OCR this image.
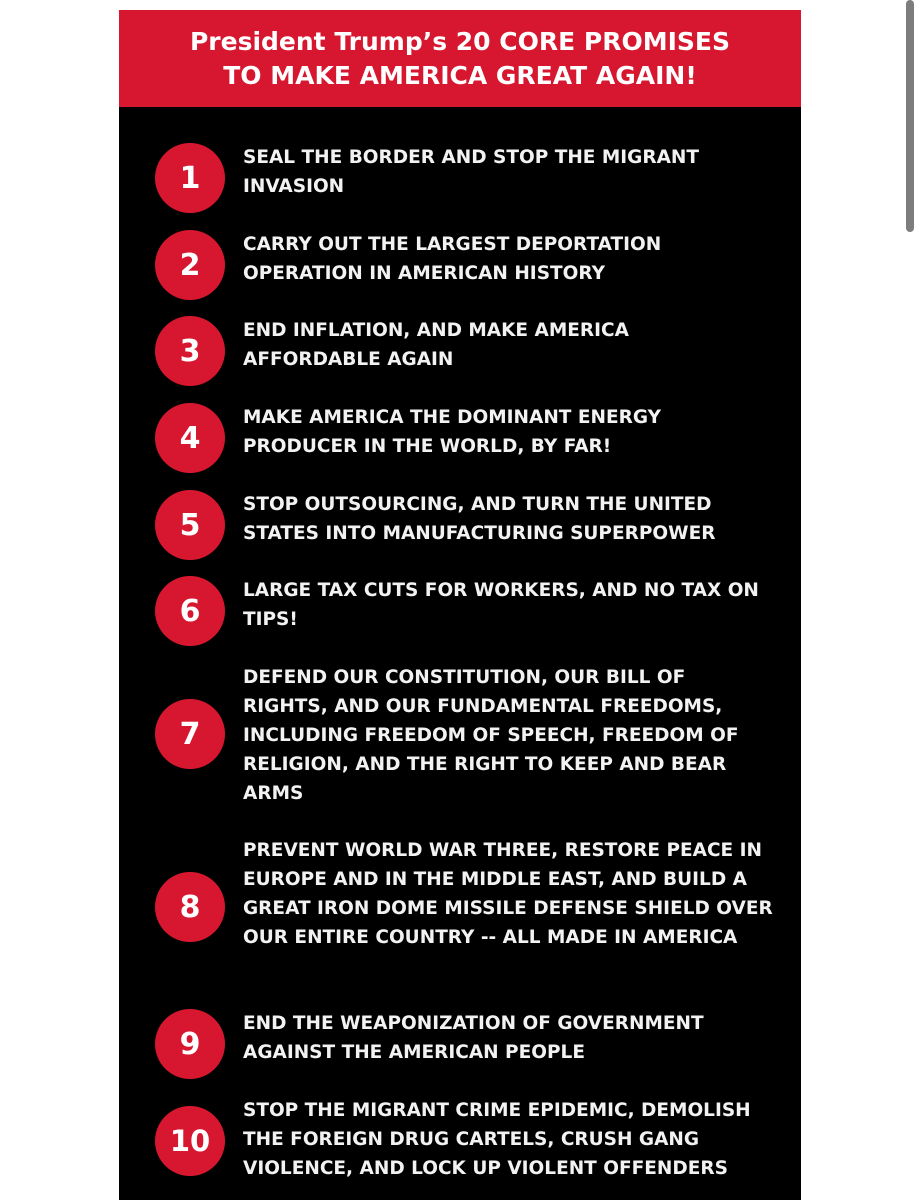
President Trump’s 20 CORE PROMISES
TO MAKE AMERICA GREAT AGAIN!
1

SEAL THE BORDER AND STOP THE MIGRANT INVASION

2

CARRY OUT THE LARGEST DEPORTATION OPERATION IN AMERICAN HISTORY

3

END INFLATION, AND MAKE AMERICA AFFORDABLE AGAIN

4

MAKE AMERICA THE DOMINANT ENERGY PRODUCER IN THE WORLD, BY FAR!

5

STOP OUTSOURCING, AND TURN THE UNITED STATES INTO MANUFACTURING SUPERPOWER

6

LARGE TAX CUTS FOR WORKERS, AND NO TAX ON TIPS!

7

DEFEND OUR CONSTITUTION, OUR BILL OF RIGHTS, AND OUR FUNDAMENTAL FREEDOMS, INCLUDING FREEDOM OF SPEECH, FREEDOM OF RELIGION, AND THE RIGHT TO KEEP AND BEAR ARMS

8

PREVENT WORLD WAR THREE, RESTORE PEACE IN EUROPE AND IN THE MIDDLE EAST, AND BUILD A GREAT IRON DOME MISSILE DEFENSE SHIELD OVER OUR ENTIRE COUNTRY -- ALL MADE IN AMERICA

9

END THE WEAPONIZATION OF GOVERNMENT AGAINST THE AMERICAN PEOPLE

10

STOP THE MIGRANT CRIME EPIDEMIC, DEMOLISH THE FOREIGN DRUG CARTELS, CRUSH GANG VIOLENCE, AND LOCK UP VIOLENT OFFENDERS
